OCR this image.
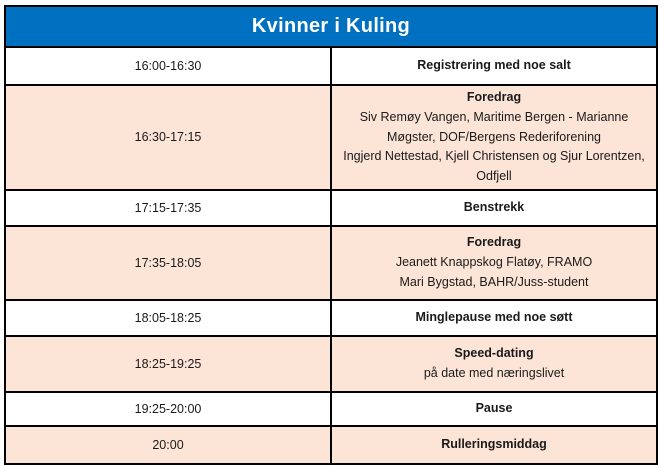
Kvinner i Kuling	
16:00-16:30	Registrering med noe salt

16:30-17:15	Foredrag
Siv Remøy Vangen, Maritime Bergen - Marianne Møgster, DOF/Bergens Rederiforening
Ingjerd Nettestad, Kjell Christensen og Sjur Lorentzen, Odfjell

17:15-17:35	Benstrekk

17:35-18:05	Foredrag
Jeanett Knappskog Flatøy, FRAMO
Mari Bygstad, BAHR/Juss-student

18:05-18:25	Minglepause med noe søtt

18:25-19:25	Speed-dating
på date med næringslivet

19:25-20:00	Pause

20:00	Rulleringsmiddag
